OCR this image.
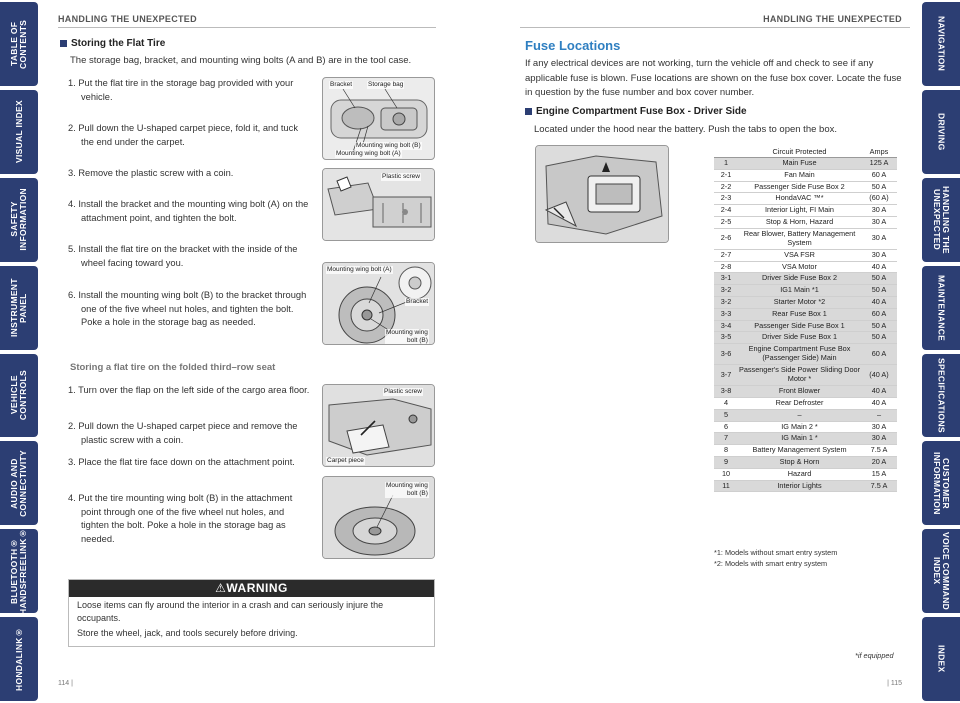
TABLE OF CONTENTS
VISUAL INDEX
SAFETY
INFORMATION
INSTRUMENT PANEL
VEHICLE
CONTROLS
AUDIO AND
CONNECTIVITY
BLUETOOTH®
HANDSFREELINK®
HONDALINK®
NAVIGATION
DRIVING
HANDLING THE
UNEXPECTED
MAINTENANCE
SPECIFICATIONS
CUSTOMER
INFORMATION
VOICE COMMAND
INDEX
INDEX
HANDLING THE UNEXPECTED	HANDLING THE UNEXPECTED
Storing the Flat Tire
The storage bag, bracket, and mounting wing bolts (A and B) are in the tool case.
1. Put the flat tire in the storage bag provided with your vehicle.
2. Pull down the U-shaped carpet piece, fold it, and tuck the end under the carpet.
3. Remove the plastic screw with a coin.
4. Install the bracket and the mounting wing bolt (A) on the attachment point, and tighten the bolt.
5. Install the flat tire on the bracket with the inside of the wheel facing toward you.
6. Install the mounting wing bolt (B) to the bracket through one of the five wheel nut holes, and tighten the bolt. Poke a hole in the storage bag as needed.
Storing a flat tire on the folded third–row seat
1. Turn over the flap on the left side of the cargo area floor.
2. Pull down the U-shaped carpet piece and remove the plastic screw with a coin.
3. Place the flat tire face down on the attachment point.
4. Put the tire mounting wing bolt (B) in the attachment point through one of the five wheel nut holes, and tighten the bolt. Poke a hole in the storage bag as needed.
Bracket Storage bag
Mounting wing bolt (B)
Mounting wing bolt (A)
Plastic screw
Mounting wing bolt (A)
Bracket
Mounting wing
bolt (B)
Plastic screw
Carpet piece
Mounting wing
bolt (B)
⚠WARNING

Loose items can fly around the interior in a crash and can seriously injure the occupants.

Store the wheel, jack, and tools securely before driving.

114 |
Fuse Locations
If any electrical devices are not working, turn the vehicle off and check to see if any applicable fuse is blown. Fuse locations are shown on the fuse box cover. Locate the fuse in question by the fuse number and box cover number.
Engine Compartment Fuse Box - Driver Side
Located under the hood near the battery. Push the tabs to open the box.
	Circuit Protected	Amps
1	Main Fuse	125 A
2-1	Fan Main	60 A
2-2	Passenger Side Fuse Box 2	50 A
2-3	HondaVAC ™*	(60 A)
2-4	Interior Light, FI Main	30 A
2-5	Stop & Horn, Hazard	30 A
2-6	Rear Blower, Battery Management System	30 A
2-7	VSA FSR	30 A
2-8	VSA Motor	40 A
3-1	Driver Side Fuse Box 2	50 A
3-2	IG1 Main *1	50 A
3-2	Starter Motor *2	40 A
3-3	Rear Fuse Box 1	60 A
3-4	Passenger Side Fuse Box 1	50 A
3-5	Driver Side Fuse Box 1	50 A
3-6	Engine Compartment Fuse Box (Passenger Side) Main	60 A
3-7	Passenger's Side Power Sliding Door Motor *	(40 A)
3-8	Front Blower	40 A
4	Rear Defroster	40 A
5	–	–
6	IG Main 2 *	30 A
7	IG Main 1 *	30 A
8	Battery Management System	7.5 A
9	Stop & Horn	20 A
10	Hazard	15 A
11	Interior Lights	7.5 A
*1: Models without smart entry system
*2: Models with smart entry system
*if equipped
| 115
